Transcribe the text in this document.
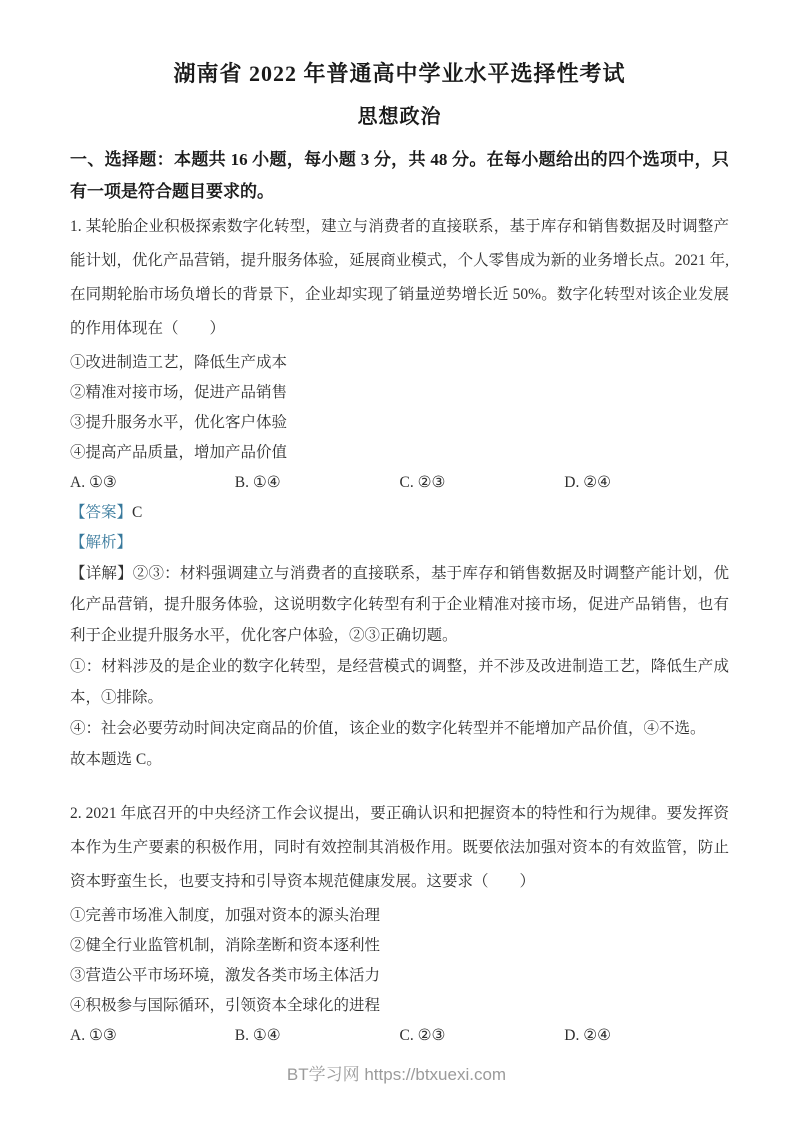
湖南省 2022 年普通高中学业水平选择性考试
思想政治

一、选择题：本题共 16 小题，每小题 3 分，共 48 分。在每小题给出的四个选项中，只有一项是符合题目要求的。

1. 某轮胎企业积极探索数字化转型，建立与消费者的直接联系，基于库存和销售数据及时调整产能计划，优化产品营销，提升服务体验，延展商业模式，个人零售成为新的业务增长点。2021 年,在同期轮胎市场负增长的背景下，企业却实现了销量逆势增长近 50%。数字化转型对该企业发展的作用体现在（　　）

①改进制造工艺，降低生产成本
②精准对接市场，促进产品销售
③提升服务水平，优化客户体验
④提高产品质量，增加产品价值
A. ①③	B. ①④	C. ②③	D. ②④

【答案】C

【解析】

【详解】②③：材料强调建立与消费者的直接联系，基于库存和销售数据及时调整产能计划，优化产品营销，提升服务体验，这说明数字化转型有利于企业精准对接市场，促进产品销售，也有利于企业提升服务水平，优化客户体验，②③正确切题。

①：材料涉及的是企业的数字化转型，是经营模式的调整，并不涉及改进制造工艺，降低生产成本，①排除。

④：社会必要劳动时间决定商品的价值，该企业的数字化转型并不能增加产品价值，④不选。

故本题选 C。

2. 2021 年底召开的中央经济工作会议提出，要正确认识和把握资本的特性和行为规律。要发挥资本作为生产要素的积极作用，同时有效控制其消极作用。既要依法加强对资本的有效监管，防止资本野蛮生长，也要支持和引导资本规范健康发展。这要求（　　）

①完善市场准入制度，加强对资本的源头治理
②健全行业监管机制，消除垄断和资本逐利性
③营造公平市场环境，激发各类市场主体活力
④积极参与国际循环，引领资本全球化的进程
A. ①③	B. ①④	C. ②③	D. ②④
BT学习网 https://btxuexi.com
